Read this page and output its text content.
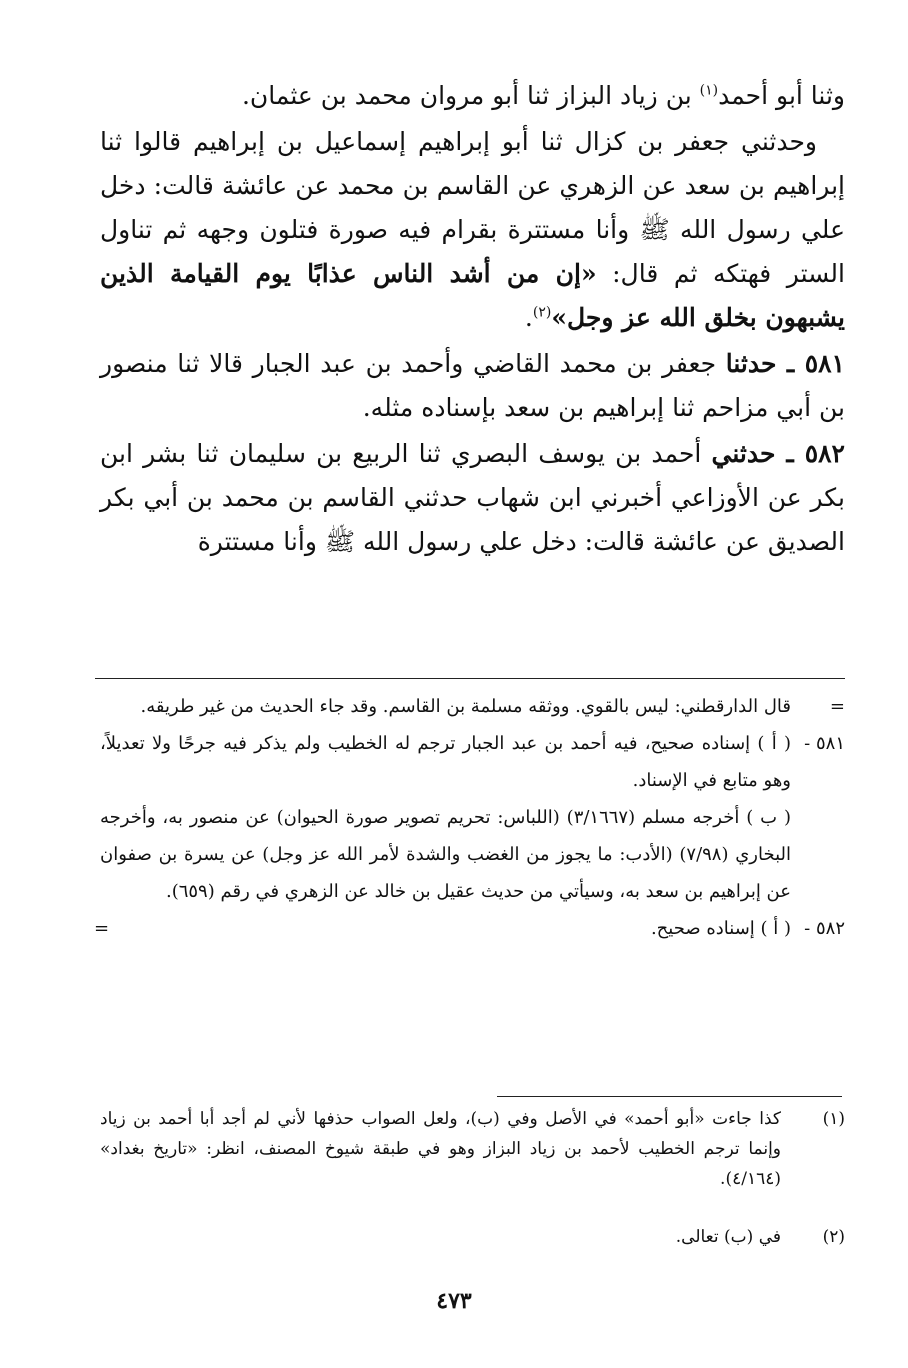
وثنا أبو أحمد$^{(١)}$ بن زياد البزاز ثنا أبو مروان محمد بن عثمان.

وحدثني جعفر بن كزال ثنا أبو إبراهيم إسماعيل بن إبراهيم قالوا ثنا إبراهيم بن سعد عن الزهري عن القاسم بن محمد عن عائشة قالت: دخل علي رسول الله ﷺ وأنا مستترة بقرام فيه صورة فتلون وجهه ثم تناول الستر فهتكه ثم قال: «إن من أشد الناس عذابًا يوم القيامة الذين يشبهون بخلق الله عز وجل»$^{(٢)}$.

٥٨١ ـ حدثنا جعفر بن محمد القاضي وأحمد بن عبد الجبار قالا ثنا منصور بن أبي مزاحم ثنا إبراهيم بن سعد بإسناده مثله.

٥٨٢ ـ حدثني أحمد بن يوسف البصري ثنا الربيع بن سليمان ثنا بشر ابن بكر عن الأوزاعي أخبرني ابن شهاب حدثني القاسم بن محمد بن أبي بكر الصديق عن عائشة قالت: دخل علي رسول الله ﷺ وأنا مستترة

=
قال الدارقطني: ليس بالقوي. ووثقه مسلمة بن القاسم. وقد جاء الحديث من غير طريقه.
٥٨١ -
( أ ) إسناده صحيح، فيه أحمد بن عبد الجبار ترجم له الخطيب ولم يذكر فيه جرحًا ولا تعديلاً، وهو متابع في الإسناد.
( ب ) أخرجه مسلم (٣/١٦٦٧) (اللباس: تحريم تصوير صورة الحيوان) عن منصور به، وأخرجه البخاري (٧/٩٨) (الأدب: ما يجوز من الغضب والشدة لأمر الله عز وجل) عن يسرة بن صفوان عن إبراهيم بن سعد به، وسيأتي من حديث عقيل بن خالد عن الزهري في رقم (٦٥٩).
٥٨٢ -
( أ ) إسناده صحيح.
=
(١)
كذا جاءت «أبو أحمد» في الأصل وفي (ب)، ولعل الصواب حذفها لأني لم أجد أبا أحمد بن زياد وإنما ترجم الخطيب لأحمد بن زياد البزاز وهو في طبقة شيوخ المصنف، انظر: «تاريخ بغداد» (٤/١٦٤).
(٢)
في (ب) تعالى.
٤٧٣
